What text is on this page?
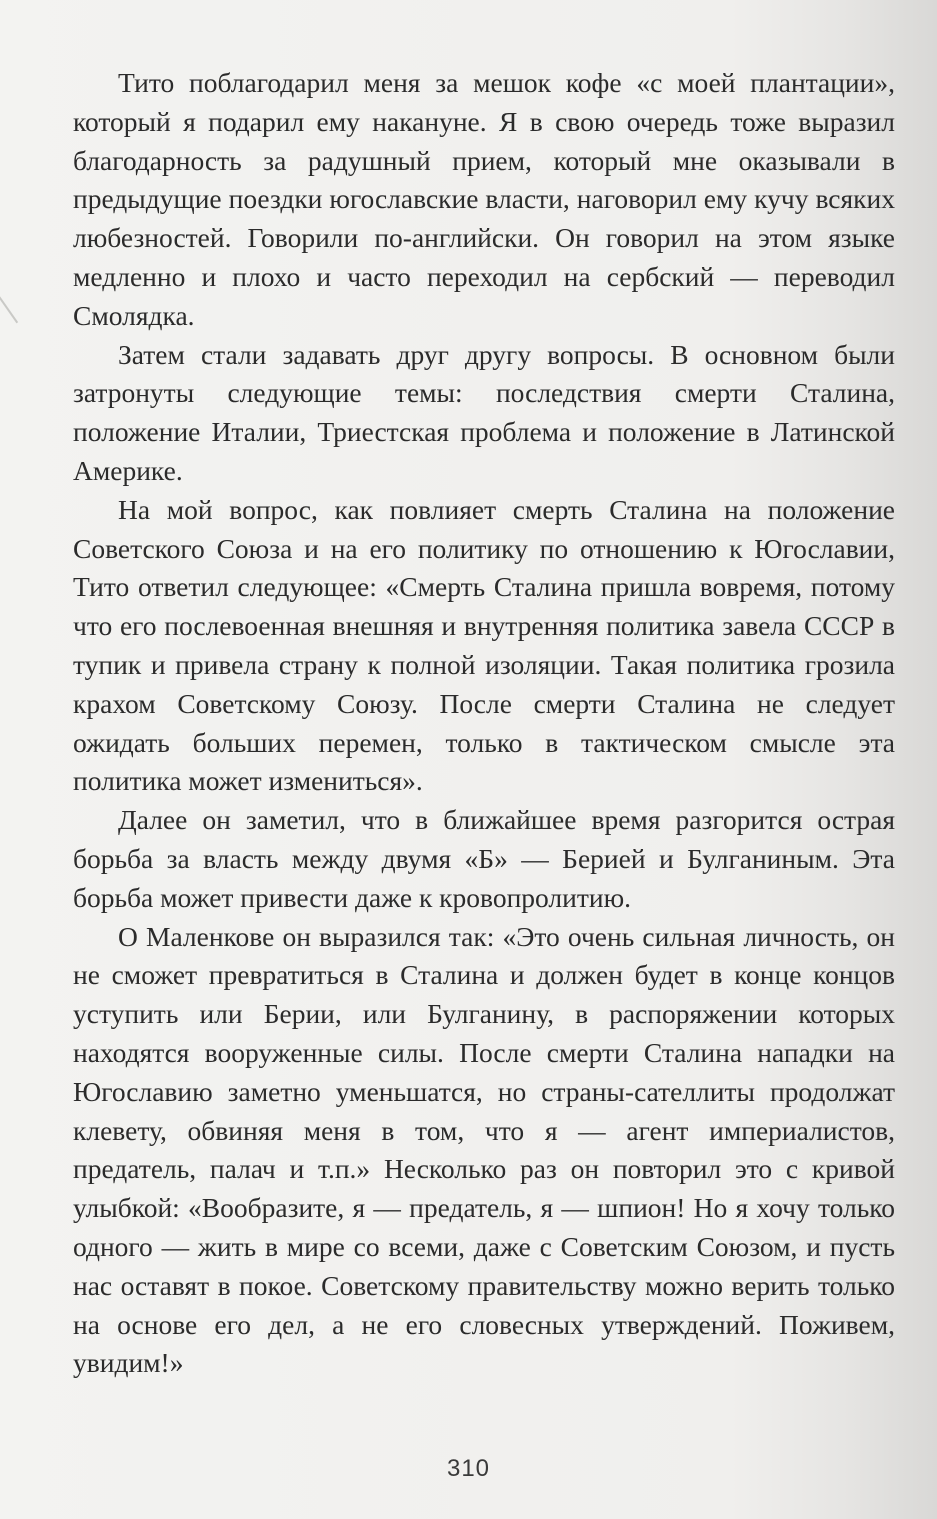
Тито поблагодарил меня за мешок кофе «с моей плантации», который я подарил ему накануне. Я в свою очередь тоже выразил благодарность за радушный прием, который мне оказывали в предыдущие поездки югославские власти, наговорил ему кучу всяких любезностей. Говорили по-английски. Он говорил на этом языке медленно и плохо и часто переходил на сербский — переводил Смолядка.

Затем стали задавать друг другу вопросы. В основном были затронуты следующие темы: последствия смерти Сталина, положение Италии, Триестская проблема и положение в Латинской Америке.

На мой вопрос, как повлияет смерть Сталина на положение Советского Союза и на его политику по отношению к Югославии, Тито ответил следующее: «Смерть Сталина пришла вовремя, потому что его послевоенная внешняя и внутренняя политика завела СССР в тупик и привела страну к полной изоляции. Такая политика грозила крахом Советскому Союзу. После смерти Сталина не следует ожидать больших перемен, только в тактическом смысле эта политика может измениться».

Далее он заметил, что в ближайшее время разгорится острая борьба за власть между двумя «Б» — Берией и Булганиным. Эта борьба может привести даже к кровопролитию.

О Маленкове он выразился так: «Это очень сильная личность, он не сможет превратиться в Сталина и должен будет в конце концов уступить или Берии, или Булганину, в распоряжении которых находятся вооруженные силы. После смерти Сталина нападки на Югославию заметно уменьшатся, но страны-сателлиты продолжат клевету, обвиняя меня в том, что я — агент империалистов, предатель, палач и т.п.» Несколько раз он повторил это с кривой улыбкой: «Вообразите, я — предатель, я — шпион! Но я хочу только одного — жить в мире со всеми, даже с Советским Союзом, и пусть нас оставят в покое. Советскому правительству можно верить только на основе его дел, а не его словесных утверждений. Поживем, увидим!»

310
